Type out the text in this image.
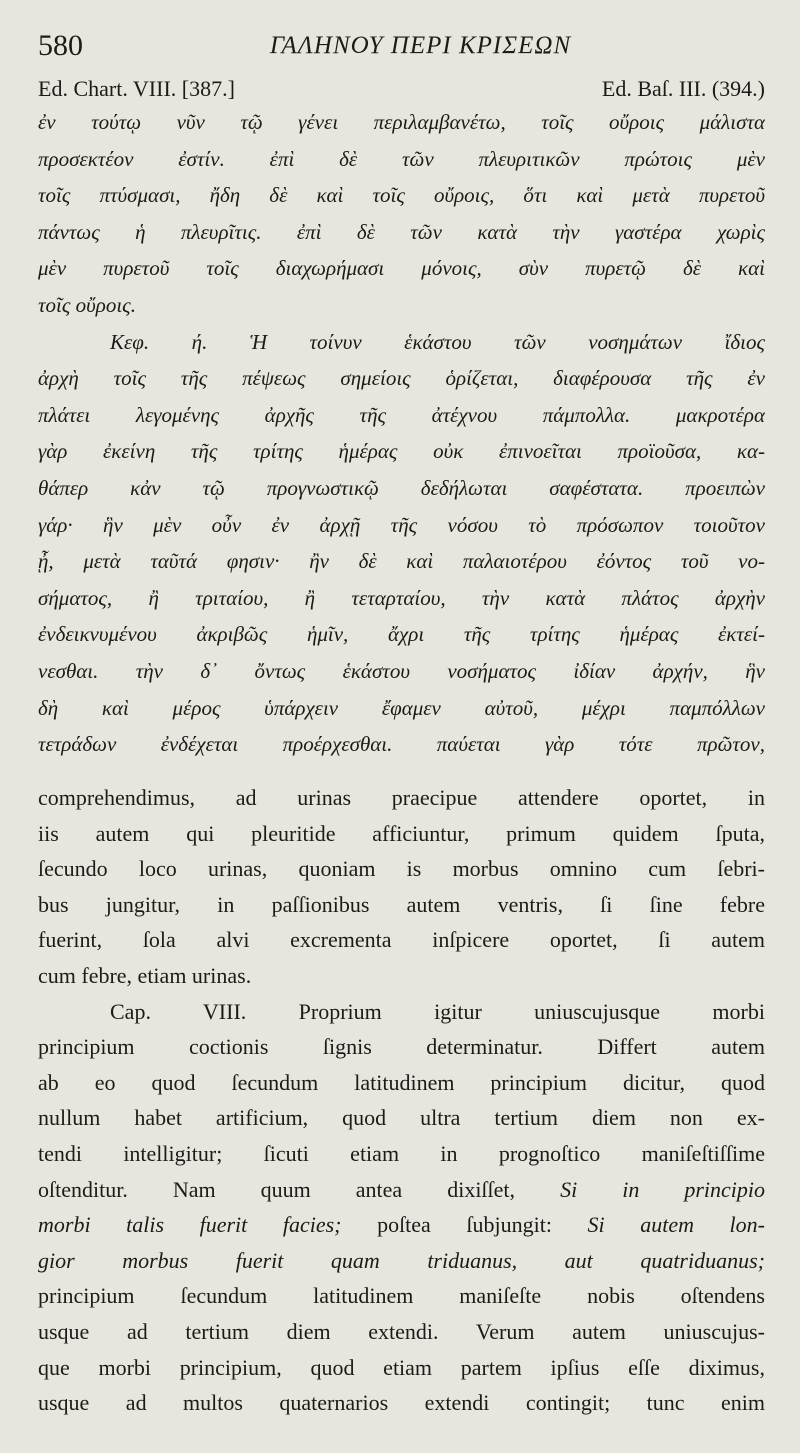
580	ΓΑΛΗΝΟΥ ΠΕΡΙ ΚΡΙΣΕΩΝ
Ed. Chart. VIII. [387.]	Ed. Baſ. III. (394.)
ἐν τούτῳ νῦν τῷ γένει περιλαμβανέτω, τοῖς οὔροις μάλιστα
προσεκτέον ἐστίν. ἐπὶ δὲ τῶν πλευριτικῶν πρώτοις μὲν
τοῖς πτύσμασι, ἤδη δὲ καὶ τοῖς οὔροις, ὅτι καὶ μετὰ πυρετοῦ
πάντως ἡ πλευρῖτις. ἐπὶ δὲ τῶν κατὰ τὴν γαστέρα χωρὶς
μὲν πυρετοῦ τοῖς διαχωρήμασι μόνοις, σὺν πυρετῷ δὲ καὶ
τοῖς οὔροις.
Κεφ. ή. Ἡ τοίνυν ἑκάστου τῶν νοσημάτων ἴδιος
ἀρχὴ τοῖς τῆς πέψεως σημείοις ὁρίζεται, διαφέρουσα τῆς ἐν
πλάτει λεγομένης ἀρχῆς τῆς ἀτέχνου πάμπολλα. μακροτέρα
γὰρ ἐκείνη τῆς τρίτης ἡμέρας οὐκ ἐπινοεῖται προϊοῦσα, κα-
θάπερ κἀν τῷ προγνωστικῷ δεδήλωται σαφέστατα. προειπὼν
γάρ· ἣν μὲν οὖν ἐν ἀρχῇ τῆς νόσου τὸ πρόσωπον τοιοῦτον
ᾖ, μετὰ ταῦτά φησιν· ἢν δὲ καὶ παλαιοτέρου ἐόντος τοῦ νο-
σήματος, ἢ τριταίου, ἢ τεταρταίου, τὴν κατὰ πλάτος ἀρχὴν
ἐνδεικνυμένου ἀκριβῶς ἡμῖν, ἄχρι τῆς τρίτης ἡμέρας ἐκτεί-
νεσθαι. τὴν δ᾽ ὄντως ἑκάστου νοσήματος ἰδίαν ἀρχήν, ἣν
δὴ καὶ μέρος ὑπάρχειν ἔφαμεν αὐτοῦ, μέχρι παμπόλλων
τετράδων ἐνδέχεται προέρχεσθαι. παύεται γὰρ τότε πρῶτον,
comprehendimus, ad urinas praecipue attendere oportet, in
iis autem qui pleuritide afficiuntur, primum quidem ſputa,
ſecundo loco urinas, quoniam is morbus omnino cum ſebri-
bus jungitur, in paſſionibus autem ventris, ſi ſine febre
fuerint, ſola alvi excrementa inſpicere oportet, ſi autem
cum febre, etiam urinas.
Cap. VIII. Proprium igitur uniuscujusque morbi
principium coctionis ſignis determinatur. Differt autem
ab eo quod ſecundum latitudinem principium dicitur, quod
nullum habet artificium, quod ultra tertium diem non ex-
tendi intelligitur; ſicuti etiam in prognoſtico maniſeſtiſſime
oſtenditur. Nam quum antea dixiſſet, Si in principio
morbi talis fuerit facies; poſtea ſubjungit: Si autem lon-
gior morbus fuerit quam triduanus, aut quatriduanus;
principium ſecundum latitudinem maniſeſte nobis oſtendens
usque ad tertium diem extendi. Verum autem uniuscujus-
que morbi principium, quod etiam partem ipſius eſſe diximus,
usque ad multos quaternarios extendi contingit; tunc enim
